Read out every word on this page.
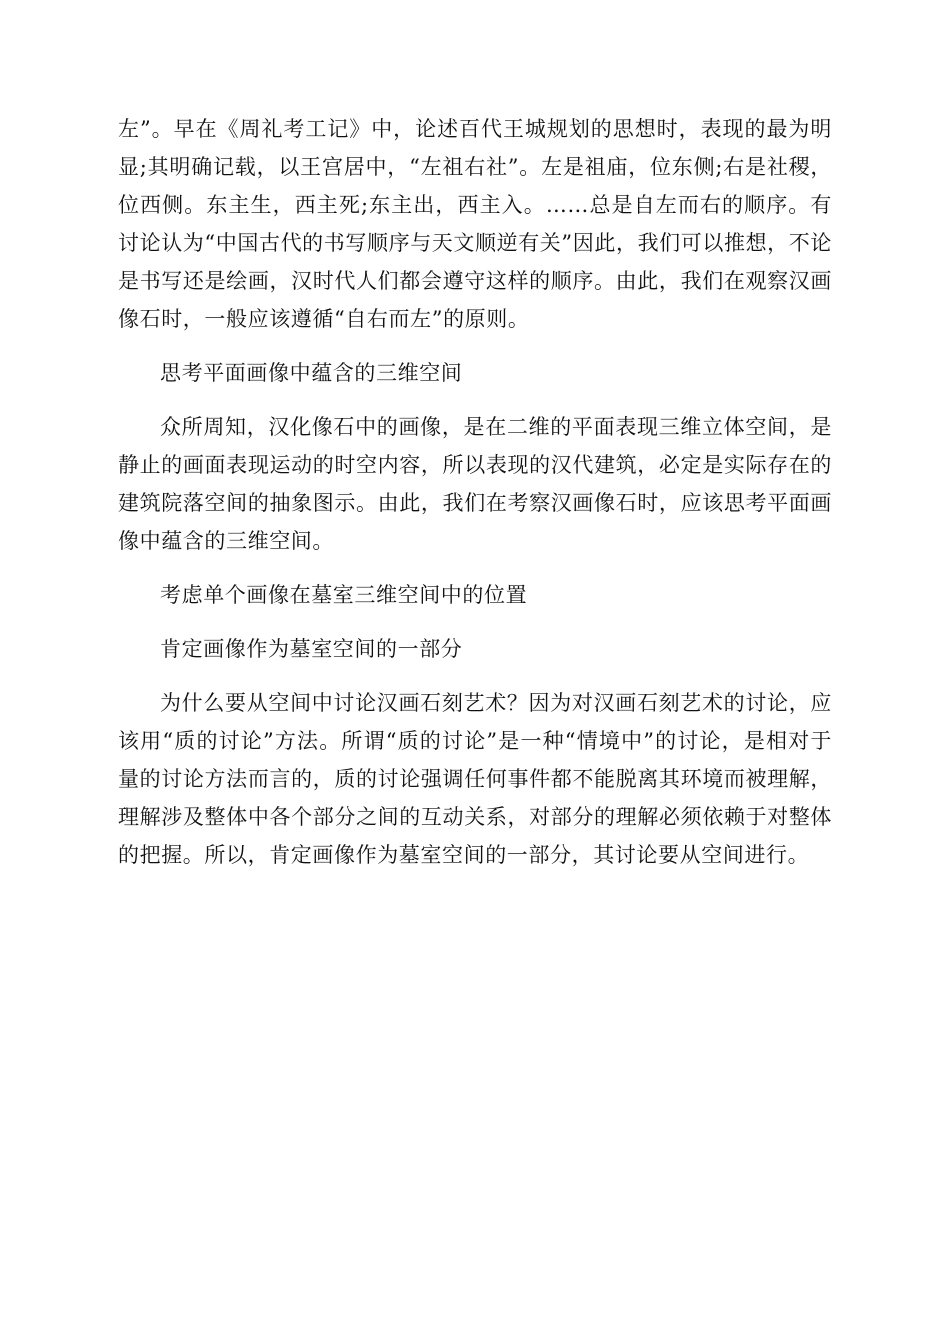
左”。早在《周礼考工记》中，论述百代王城规划的思想时，表现的最为明显;其明确记载，以王宫居中，“左祖右社”。左是祖庙，位东侧;右是社稷，位西侧。东主生，西主死;东主出，西主入。……总是自左而右的顺序。有讨论认为“中国古代的书写顺序与天文顺逆有关”因此，我们可以推想，不论是书写还是绘画，汉时代人们都会遵守这样的顺序。由此，我们在观察汉画像石时，一般应该遵循“自右而左”的原则。

思考平面画像中蕴含的三维空间

众所周知，汉化像石中的画像，是在二维的平面表现三维立体空间，是静止的画面表现运动的时空内容，所以表现的汉代建筑，必定是实际存在的建筑院落空间的抽象图示。由此，我们在考察汉画像石时，应该思考平面画像中蕴含的三维空间。

考虑单个画像在墓室三维空间中的位置

肯定画像作为墓室空间的一部分

为什么要从空间中讨论汉画石刻艺术？因为对汉画石刻艺术的讨论，应该用“质的讨论”方法。所谓“质的讨论”是一种“情境中”的讨论，是相对于量的讨论方法而言的，质的讨论强调任何事件都不能脱离其环境而被理解，理解涉及整体中各个部分之间的互动关系，对部分的理解必须依赖于对整体的把握。所以，肯定画像作为墓室空间的一部分，其讨论要从空间进行。
